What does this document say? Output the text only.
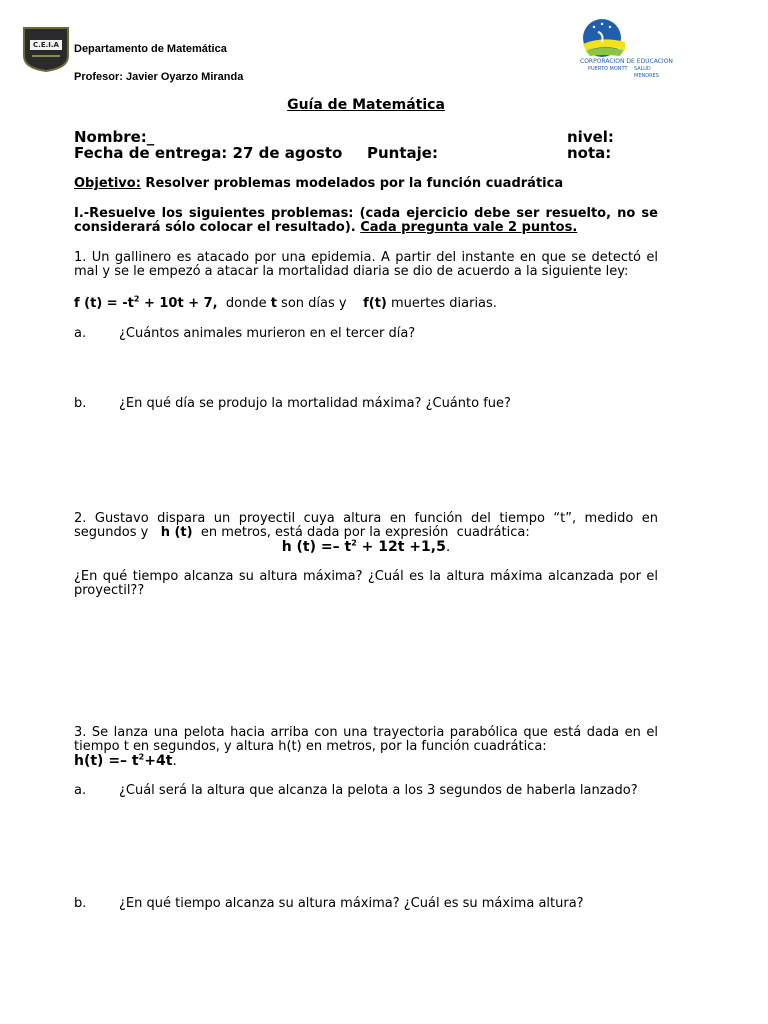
C.E.I.A Departamento de Matemática
Profesor: Javier Oyarzo Miranda
CORPORACION DE EDUCACION
PUERTO MONTT SALUD
MENORES
Guía de Matemática
Nombre:_	nivel:
Fecha de entrega: 27 de agosto Puntaje:	nota:
Objetivo: Resolver problemas modelados por la función cuadrática
I.-Resuelve los siguientes problemas: (cada ejercicio debe ser resuelto, no se
considerará sólo colocar el resultado). Cada pregunta vale 2 puntos.
1. Un gallinero es atacado por una epidemia. A partir del instante en que se detectó el
mal y se le empezó a atacar la mortalidad diaria se dio de acuerdo a la siguiente ley:
f $(t) = -t^2 + 10t + 7$,  donde t son días y    f(t) muertes diarias.
a.	¿Cuántos animales murieron en el tercer día?
b.	¿En qué día se produjo la mortalidad máxima? ¿Cuánto fue?
2. Gustavo dispara un proyectil cuya altura en función del tiempo “t”, medido en
segundos y   h (t)  en metros, está dada por la expresión  cuadrática:
h $(t) =- t^2 + 12t +1,5$.
¿En qué tiempo alcanza su altura máxima? ¿Cuál es la altura máxima alcanzada por el
proyectil??
3. Se lanza una pelota hacia arriba con una trayectoria parabólica que está dada en el
tiempo t en segundos, y altura h(t) en metros, por la función cuadrática:
$h(t) =- t^2+4t$.
a.	¿Cuál será la altura que alcanza la pelota a los 3 segundos de haberla lanzado?
b.	¿En qué tiempo alcanza su altura máxima? ¿Cuál es su máxima altura?
